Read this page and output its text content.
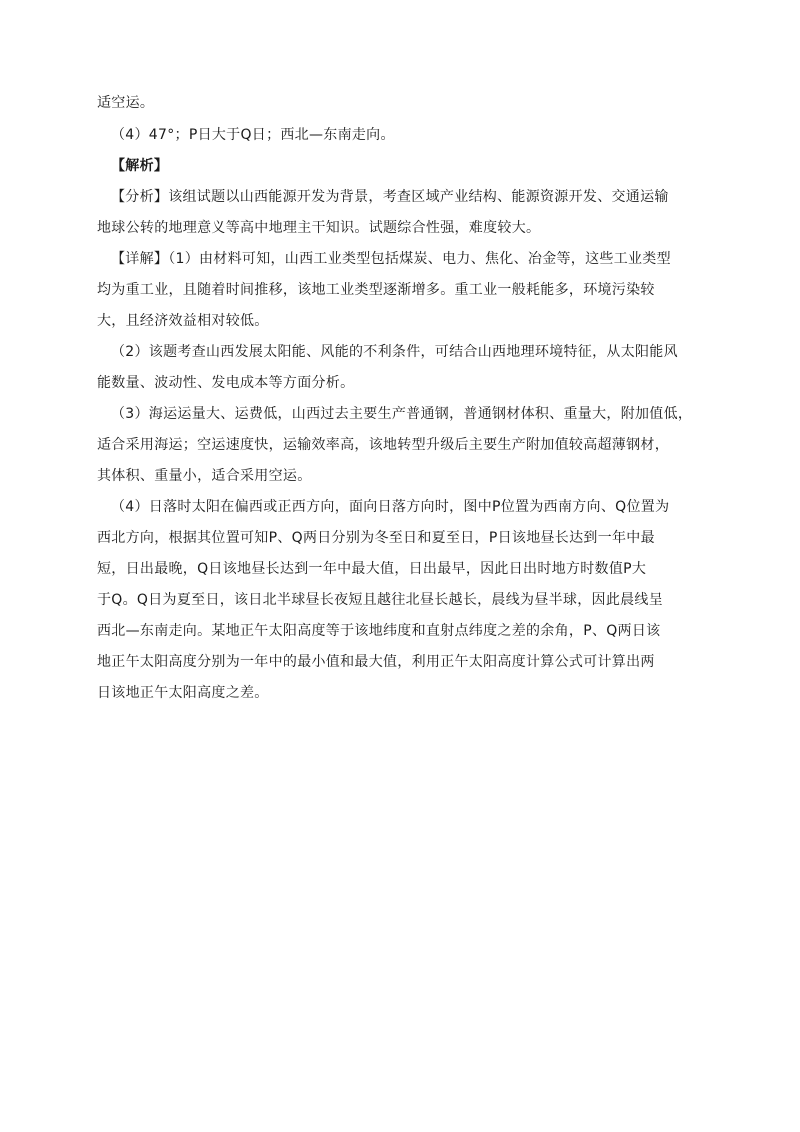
适空运。
（4）47°；P日大于Q日；西北—东南走向。
【解析】
【分析】该组试题以山西能源开发为背景，考查区域产业结构、能源资源开发、交通运输
地球公转的地理意义等高中地理主干知识。试题综合性强，难度较大。
【详解】（1）由材料可知，山西工业类型包括煤炭、电力、焦化、冶金等，这些工业类型
均为重工业，且随着时间推移，该地工业类型逐渐增多。重工业一般耗能多，环境污染较
大，且经济效益相对较低。
（2）该题考查山西发展太阳能、风能的不利条件，可结合山西地理环境特征，从太阳能风
能数量、波动性、发电成本等方面分析。
（3）海运运量大、运费低，山西过去主要生产普通钢，普通钢材体积、重量大，附加值低，
适合采用海运；空运速度快，运输效率高，该地转型升级后主要生产附加值较高超薄钢材，
其体积、重量小，适合采用空运。
（4）日落时太阳在偏西或正西方向，面向日落方向时，图中P位置为西南方向、Q位置为
西北方向，根据其位置可知P、Q两日分别为冬至日和夏至日，P日该地昼长达到一年中最
短，日出最晚，Q日该地昼长达到一年中最大值，日出最早，因此日出时地方时数值P大
于Q。Q日为夏至日，该日北半球昼长夜短且越往北昼长越长，晨线为昼半球，因此晨线呈
西北—东南走向。某地正午太阳高度等于该地纬度和直射点纬度之差的余角，P、Q两日该
地正午太阳高度分别为一年中的最小值和最大值，利用正午太阳高度计算公式可计算出两
日该地正午太阳高度之差。
